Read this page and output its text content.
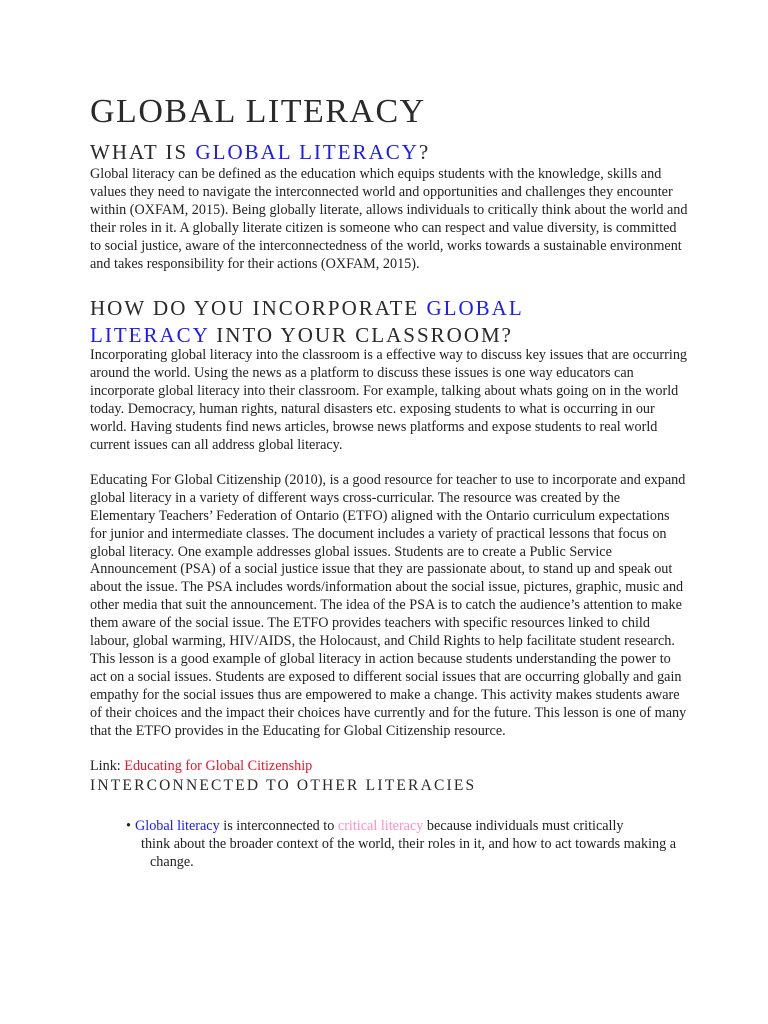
GLOBAL LITERACY
WHAT IS GLOBAL LITERACY?

Global literacy can be defined as the education which equips students with the knowledge, skills and values they need to navigate the interconnected world and opportunities and challenges they encounter within (OXFAM, 2015). Being globally literate, allows individuals to critically think about the world and their roles in it. A globally literate citizen is someone who can respect and value diversity, is committed to social justice, aware of the interconnectedness of the world, works towards a sustainable environment and takes responsibility for their actions (OXFAM, 2015).

HOW DO YOU INCORPORATE GLOBAL
LITERACY INTO YOUR CLASSROOM?

Incorporating global literacy into the classroom is a effective way to discuss key issues that are occurring around the world. Using the news as a platform to discuss these issues is one way educators can incorporate global literacy into their classroom. For example, talking about whats going on in the world today. Democracy, human rights, natural disasters etc. exposing students to what is occurring in our world. Having students find news articles, browse news platforms and expose students to real world current issues can all address global literacy.

Educating For Global Citizenship (2010), is a good resource for teacher to use to incorporate and expand global literacy in a variety of different ways cross-curricular. The resource was created by the Elementary Teachers’ Federation of Ontario (ETFO) aligned with the Ontario curriculum expectations for junior and intermediate classes. The document includes a variety of practical lessons that focus on global literacy. One example addresses global issues. Students are to create a Public Service Announcement (PSA) of a social justice issue that they are passionate about, to stand up and speak out about the issue. The PSA includes words/information about the social issue, pictures, graphic, music and other media that suit the announcement. The idea of the PSA is to catch the audience’s attention to make them aware of the social issue. The ETFO provides teachers with specific resources linked to child labour, global warming, HIV/AIDS, the Holocaust, and Child Rights to help facilitate student research. This lesson is a good example of global literacy in action because students understanding the power to act on a social issues. Students are exposed to different social issues that are occurring globally and gain empathy for the social issues thus are empowered to make a change. This activity makes students aware of their choices and the impact their choices have currently and for the future. This lesson is one of many that the ETFO provides in the Educating for Global Citizenship resource.

Link: Educating for Global Citizenship
INTERCONNECTED TO OTHER LITERACIES
• Global literacy is interconnected to critical literacy because individuals must critically
think about the broader context of the world, their roles in it, and how to act towards making a change.
